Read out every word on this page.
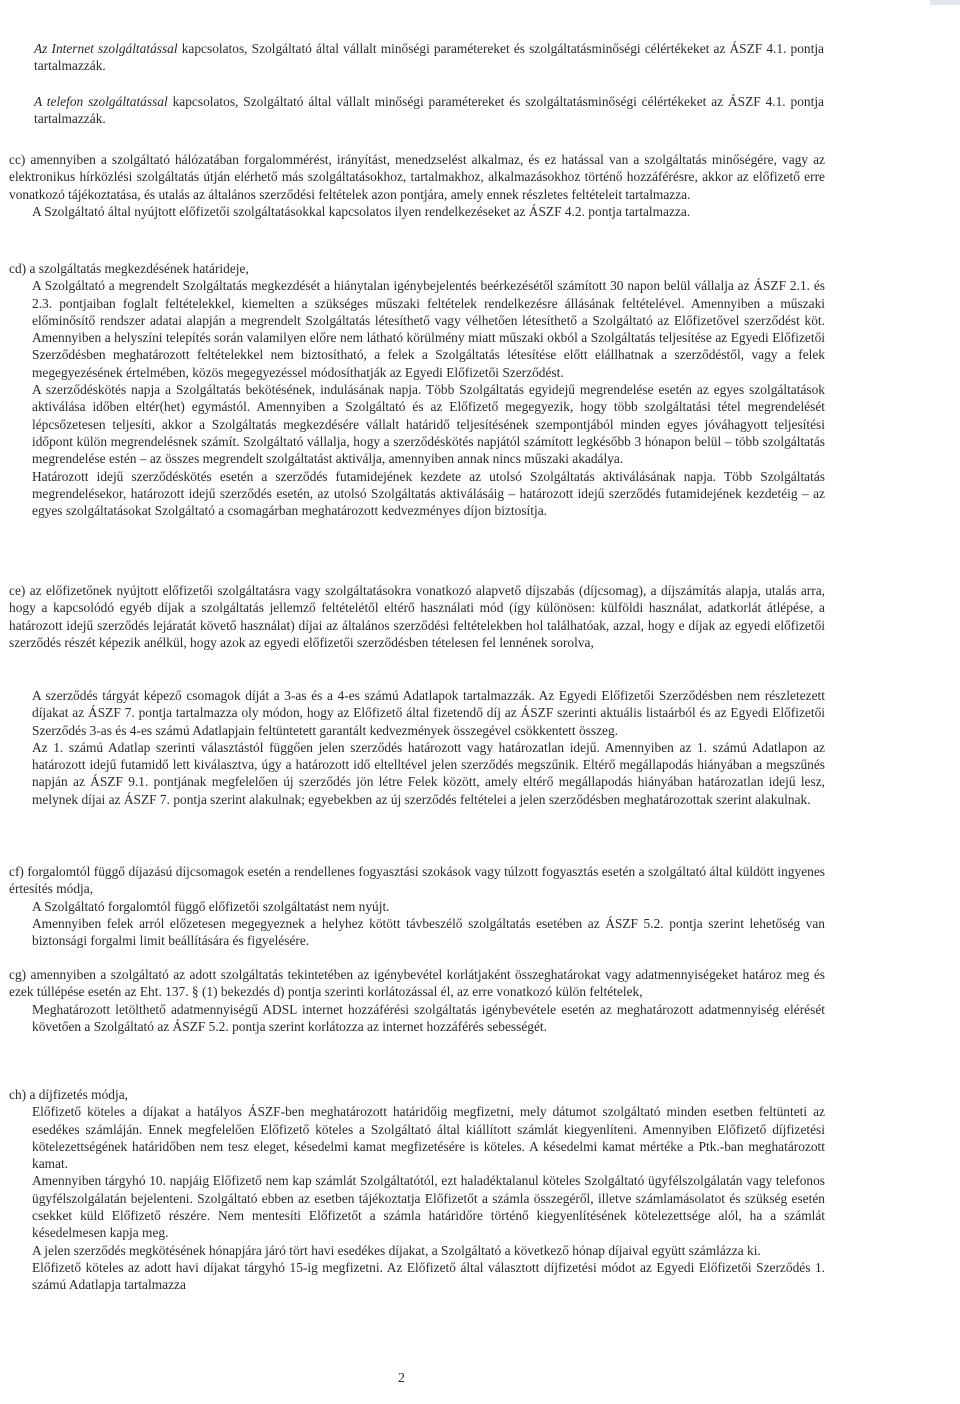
Az Internet szolgáltatással kapcsolatos, Szolgáltató által vállalt minőségi paramétereket és szolgáltatásminőségi célértékeket az ÁSZF 4.1. pontja tartalmazzák.
A telefon szolgáltatással kapcsolatos, Szolgáltató által vállalt minőségi paramétereket és szolgáltatásminőségi célértékeket az ÁSZF 4.1. pontja tartalmazzák.
cc) amennyiben a szolgáltató hálózatában forgalommérést, irányítást, menedzselést alkalmaz, és ez hatással van a szolgáltatás minőségére, vagy az elektronikus hírközlési szolgáltatás útján elérhető más szolgáltatásokhoz, tartalmakhoz, alkalmazásokhoz történő hozzáférésre, akkor az előfizető erre vonatkozó tájékoztatása, és utalás az általános szerződési feltételek azon pontjára, amely ennek részletes feltételeit tartalmazza.
A Szolgáltató által nyújtott előfizetői szolgáltatásokkal kapcsolatos ilyen rendelkezéseket az ÁSZF 4.2. pontja tartalmazza.
cd) a szolgáltatás megkezdésének határideje,
A Szolgáltató a megrendelt Szolgáltatás megkezdését a hiánytalan igénybejelentés beérkezésétől számított 30 napon belül vállalja az ÁSZF 2.1. és 2.3. pontjaiban foglalt feltételekkel, kiemelten a szükséges műszaki feltételek rendelkezésre állásának feltételével. Amennyiben a műszaki előminősítő rendszer adatai alapján a megrendelt Szolgáltatás létesíthető vagy vélhetően létesíthető a Szolgáltató az Előfizetővel szerződést köt. Amennyiben a helyszíni telepítés során valamilyen előre nem látható körülmény miatt műszaki okból a Szolgáltatás teljesítése az Egyedi Előfizetői Szerződésben meghatározott feltételekkel nem biztosítható, a felek a Szolgáltatás létesítése előtt elállhatnak a szerződéstől, vagy a felek megegyezésének értelmében, közös megegyezéssel módosíthatják az Egyedi Előfizetői Szerződést.
A szerződéskötés napja a Szolgáltatás bekötésének, indulásának napja. Több Szolgáltatás egyidejű megrendelése esetén az egyes szolgáltatások aktiválása időben eltér(het) egymástól. Amennyiben a Szolgáltató és az Előfizető megegyezik, hogy több szolgáltatási tétel megrendelését lépcsőzetesen teljesíti, akkor a Szolgáltatás megkezdésére vállalt határidő teljesítésének szempontjából minden egyes jóváhagyott teljesítési időpont külön megrendelésnek számít. Szolgáltató vállalja, hogy a szerződéskötés napjától számított legkésőbb 3 hónapon belül – több szolgáltatás megrendelése estén – az összes megrendelt szolgáltatást aktiválja, amennyiben annak nincs műszaki akadálya.
Határozott idejű szerződéskötés esetén a szerződés futamidejének kezdete az utolsó Szolgáltatás aktiválásának napja. Több Szolgáltatás megrendelésekor, határozott idejű szerződés esetén, az utolsó Szolgáltatás aktiválásáig – határozott idejű szerződés futamidejének kezdetéig – az egyes szolgáltatásokat Szolgáltató a csomagárban meghatározott kedvezményes díjon biztosítja.
ce) az előfizetőnek nyújtott előfizetői szolgáltatásra vagy szolgáltatásokra vonatkozó alapvető díjszabás (díjcsomag), a díjszámítás alapja, utalás arra, hogy a kapcsolódó egyéb díjak a szolgáltatás jellemző feltételétől eltérő használati mód (így különösen: külföldi használat, adatkorlát átlépése, a határozott idejű szerződés lejáratát követő használat) díjai az általános szerződési feltételekben hol találhatóak, azzal, hogy e díjak az egyedi előfizetői szerződés részét képezik anélkül, hogy azok az egyedi előfizetői szerződésben tételesen fel lennének sorolva,
A szerződés tárgyát képező csomagok díját a 3-as és a 4-es számú Adatlapok tartalmazzák. Az Egyedi Előfizetői Szerződésben nem részletezett díjakat az ÁSZF 7. pontja tartalmazza oly módon, hogy az Előfizető által fizetendő díj az ÁSZF szerinti aktuális listaárból és az Egyedi Előfizetői Szerződés 3-as és 4-es számú Adatlapjain feltüntetett garantált kedvezmények összegével csökkentett összeg.
Az 1. számú Adatlap szerinti választástól függően jelen szerződés határozott vagy határozatlan idejű. Amennyiben az 1. számú Adatlapon az határozott idejű futamidő lett kiválasztva, úgy a határozott idő eltelltével jelen szerződés megszűnik. Eltérő megállapodás hiányában a megszűnés napján az ÁSZF 9.1. pontjának megfelelően új szerződés jön létre Felek között, amely eltérő megállapodás hiányában határozatlan idejű lesz, melynek díjai az ÁSZF 7. pontja szerint alakulnak; egyebekben az új szerződés feltételei a jelen szerződésben meghatározottak szerint alakulnak.
cf) forgalomtól függő díjazású díjcsomagok esetén a rendellenes fogyasztási szokások vagy túlzott fogyasztás esetén a szolgáltató által küldött ingyenes értesítés módja,
A Szolgáltató forgalomtól függő előfizetői szolgáltatást nem nyújt.
Amennyiben felek arról előzetesen megegyeznek a helyhez kötött távbeszélő szolgáltatás esetében az ÁSZF 5.2. pontja szerint lehetőség van biztonsági forgalmi limit beállítására és figyelésére.
cg) amennyiben a szolgáltató az adott szolgáltatás tekintetében az igénybevétel korlátjaként összeghatárokat vagy adatmennyiségeket határoz meg és ezek túllépése esetén az Eht. 137. § (1) bekezdés d) pontja szerinti korlátozással él, az erre vonatkozó külön feltételek,
Meghatározott letölthető adatmennyiségű ADSL internet hozzáférési szolgáltatás igénybevétele esetén az meghatározott adatmennyiség elérését követően a Szolgáltató az ÁSZF 5.2. pontja szerint korlátozza az internet hozzáférés sebességét.
ch) a díjfizetés módja,
Előfizető köteles a díjakat a hatályos ÁSZF-ben meghatározott határidőig megfizetni, mely dátumot szolgáltató minden esetben feltünteti az esedékes számláján. Ennek megfelelően Előfizető köteles a Szolgáltató által kiállított számlát kiegyenlíteni. Amennyiben Előfizető díjfizetési kötelezettségének határidőben nem tesz eleget, késedelmi kamat megfizetésére is köteles. A késedelmi kamat mértéke a Ptk.-ban meghatározott kamat.
Amennyiben tárgyhó 10. napjáig Előfizető nem kap számlát Szolgáltatótól, ezt haladéktalanul köteles Szolgáltató ügyfélszolgálatán vagy telefonos ügyfélszolgálatán bejelenteni. Szolgáltató ebben az esetben tájékoztatja Előfizetőt a számla összegéről, illetve számlamásolatot és szükség esetén csekket küld Előfizető részére. Nem mentesíti Előfizetőt a számla határidőre történő kiegyenlítésének kötelezettsége alól, ha a számlát késedelmesen kapja meg.
A jelen szerződés megkötésének hónapjára járó tört havi esedékes díjakat, a Szolgáltató a következő hónap díjaival együtt számlázza ki.
Előfizető köteles az adott havi díjakat tárgyhó 15-ig megfizetni. Az Előfizető által választott díjfizetési módot az Egyedi Előfizetői Szerződés 1. számú Adatlapja tartalmazza
2
